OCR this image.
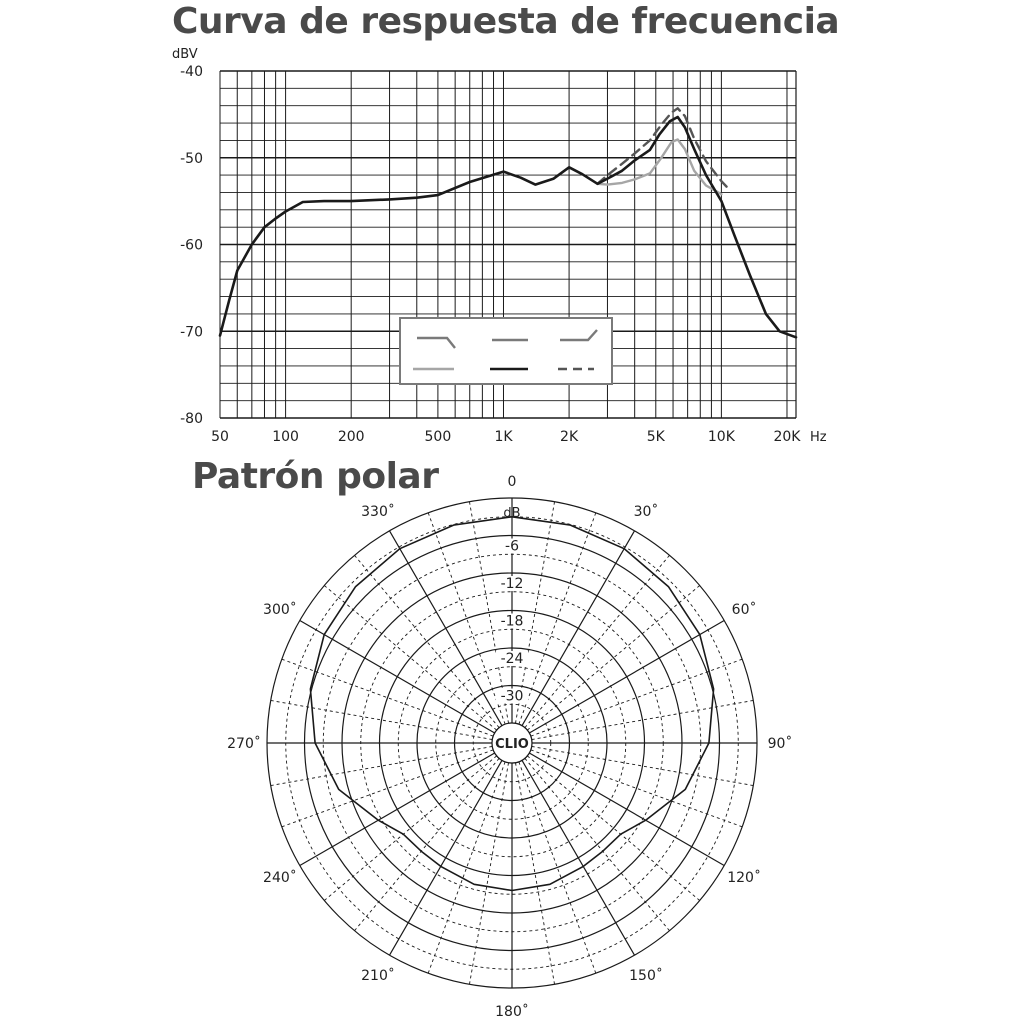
Curva de respuesta de frecuencia
Patrón polar
dBV
Hz
50	100	200	500	1K	2K	5K	10K	20K
-40
-50
-60
-70
-80
0
30˚
60˚
90˚
120˚
150˚
180˚
210˚
240˚
270˚
300˚
330˚	dB
-6
-12
-18
-24
-30
CLIO
